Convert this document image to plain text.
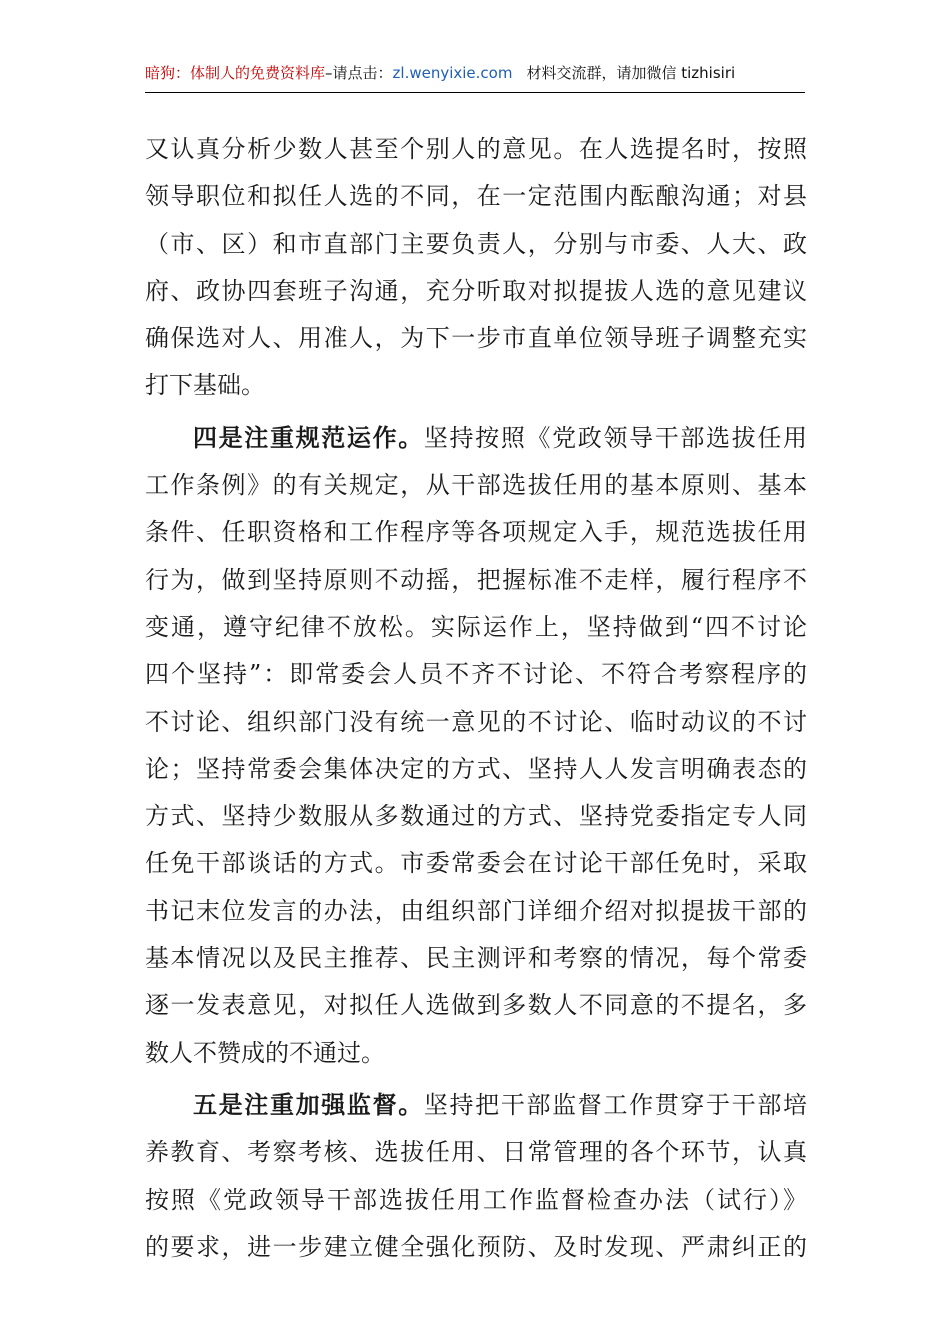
暗狗：体制人的免费资料库–请点击：zl.wenyixie.com 材料交流群，请加微信 tizhisiri
又认真分析少数人甚至个别人的意见。在人选提名时，按照
领导职位和拟任人选的不同，在一定范围内酝酿沟通；对县
（市、区）和市直部门主要负责人，分别与市委、人大、政
府、政协四套班子沟通，充分听取对拟提拔人选的意见建议
确保选对人、用准人，为下一步市直单位领导班子调整充实
打下基础。
四是注重规范运作。坚持按照《党政领导干部选拔任用
工作条例》的有关规定，从干部选拔任用的基本原则、基本
条件、任职资格和工作程序等各项规定入手，规范选拔任用
行为，做到坚持原则不动摇，把握标准不走样，履行程序不
变通，遵守纪律不放松。实际运作上，坚持做到“四不讨论
四个坚持”：即常委会人员不齐不讨论、不符合考察程序的
不讨论、组织部门没有统一意见的不讨论、临时动议的不讨
论；坚持常委会集体决定的方式、坚持人人发言明确表态的
方式、坚持少数服从多数通过的方式、坚持党委指定专人同
任免干部谈话的方式。市委常委会在讨论干部任免时，采取
书记末位发言的办法，由组织部门详细介绍对拟提拔干部的
基本情况以及民主推荐、民主测评和考察的情况，每个常委
逐一发表意见，对拟任人选做到多数人不同意的不提名，多
数人不赞成的不通过。
五是注重加强监督。坚持把干部监督工作贯穿于干部培
养教育、考察考核、选拔任用、日常管理的各个环节，认真
按照《党政领导干部选拔任用工作监督检查办法（试行）》
的要求，进一步建立健全强化预防、及时发现、严肃纠正的
